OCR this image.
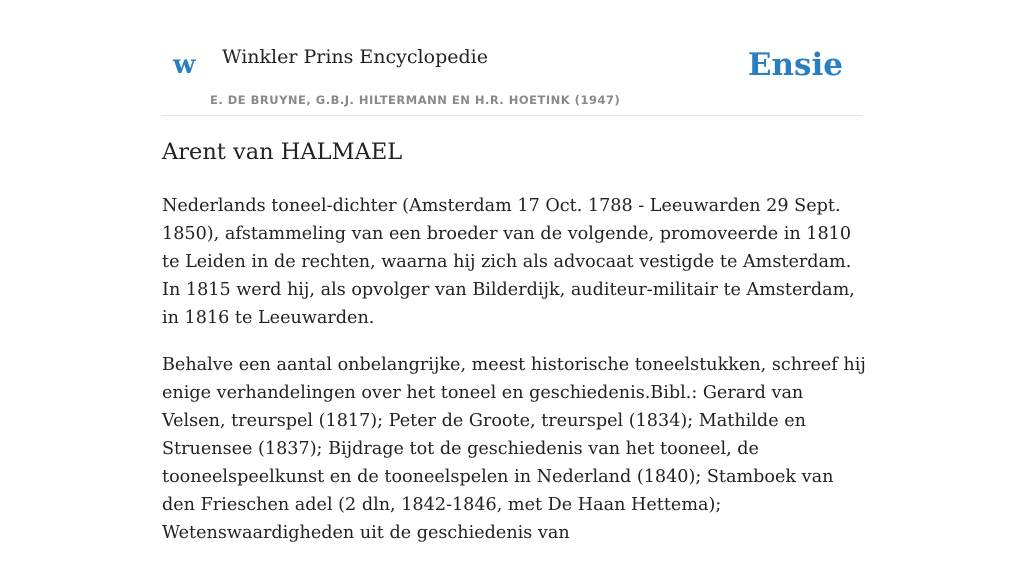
w Winkler Prins Encyclopedie
E. DE BRUYNE, G.B.J. HILTERMANN EN H.R. HOETINK (1947)
Ensie
Arent van HALMAEL

Nederlands toneel-dichter (Amsterdam 17 Oct. 1788 - Leeuwarden 29 Sept. 1850), afstammeling van een broeder van de volgende, promoveerde in 1810 te Leiden in de rechten, waarna hij zich als advocaat vestigde te Amsterdam. In 1815 werd hij, als opvolger van Bilderdijk, auditeur-militair te Amsterdam, in 1816 te Leeuwarden.

Behalve een aantal onbelangrijke, meest historische toneelstukken, schreef hij enige verhandelingen over het toneel en geschiedenis.Bibl.: Gerard van Velsen, treurspel (1817); Peter de Groote, treurspel (1834); Mathilde en Struensee (1837); Bijdrage tot de geschiedenis van het tooneel, de tooneelspeelkunst en de tooneelspelen in Nederland (1840); Stamboek van den Frieschen adel (2 dln, 1842-1846, met De Haan Hettema); Wetenswaardigheden uit de geschiedenis van
